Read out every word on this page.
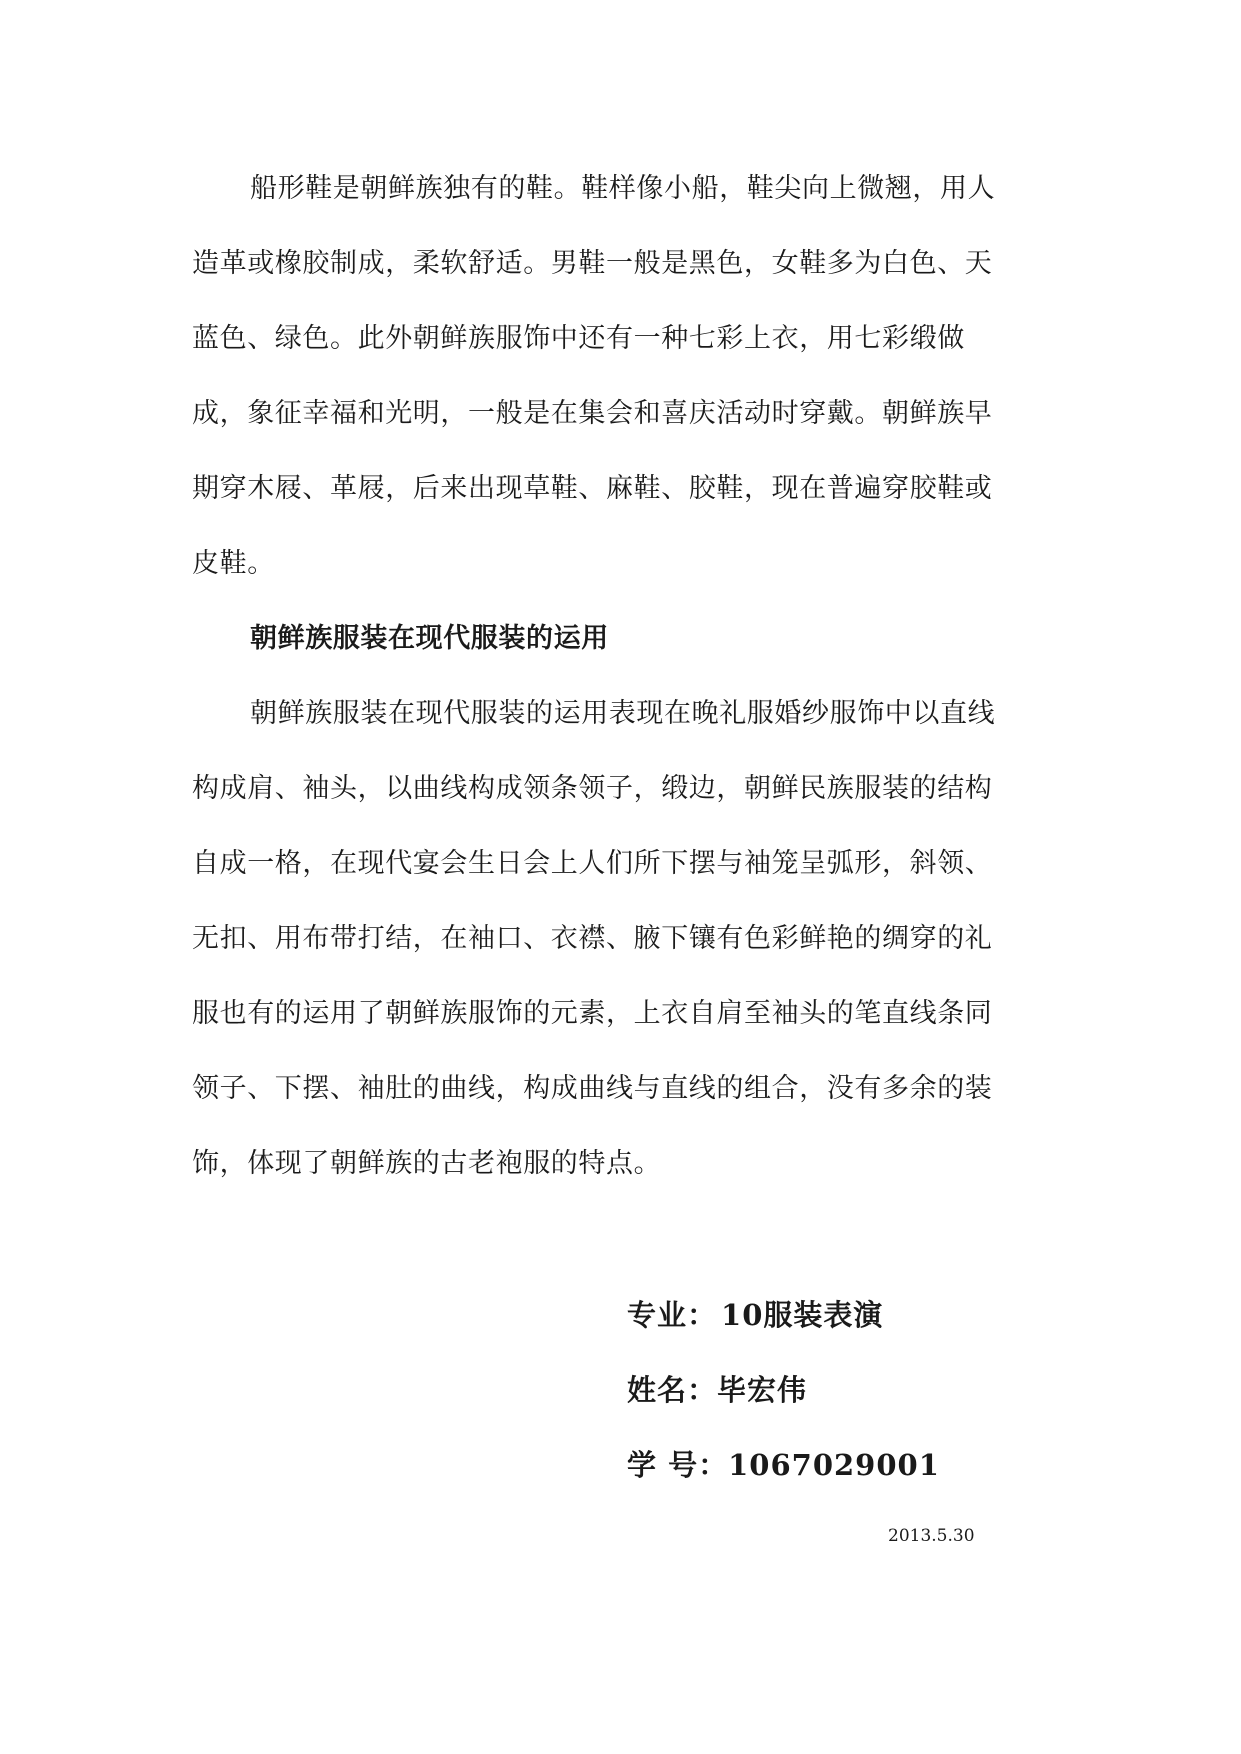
船形鞋是朝鲜族独有的鞋。鞋样像小船，鞋尖向上微翘，用人
造革或橡胶制成，柔软舒适。男鞋一般是黑色，女鞋多为白色、天
蓝色、绿色。此外朝鲜族服饰中还有一种七彩上衣，用七彩缎做
成，象征幸福和光明，一般是在集会和喜庆活动时穿戴。朝鲜族早
期穿木屐、革屐，后来出现草鞋、麻鞋、胶鞋，现在普遍穿胶鞋或
皮鞋。
朝鲜族服装在现代服装的运用
朝鲜族服装在现代服装的运用表现在晚礼服婚纱服饰中以直线
构成肩、袖头，以曲线构成领条领子，缎边，朝鲜民族服装的结构
自成一格，在现代宴会生日会上人们所下摆与袖笼呈弧形，斜领、
无扣、用布带打结，在袖口、衣襟、腋下镶有色彩鲜艳的绸穿的礼
服也有的运用了朝鲜族服饰的元素，上衣自肩至袖头的笔直线条同
领子、下摆、袖肚的曲线，构成曲线与直线的组合，没有多余的装
饰，体现了朝鲜族的古老袍服的特点。
专业： 10服装表演
姓名：毕宏伟
学 号：1067029001
2013.5.30
